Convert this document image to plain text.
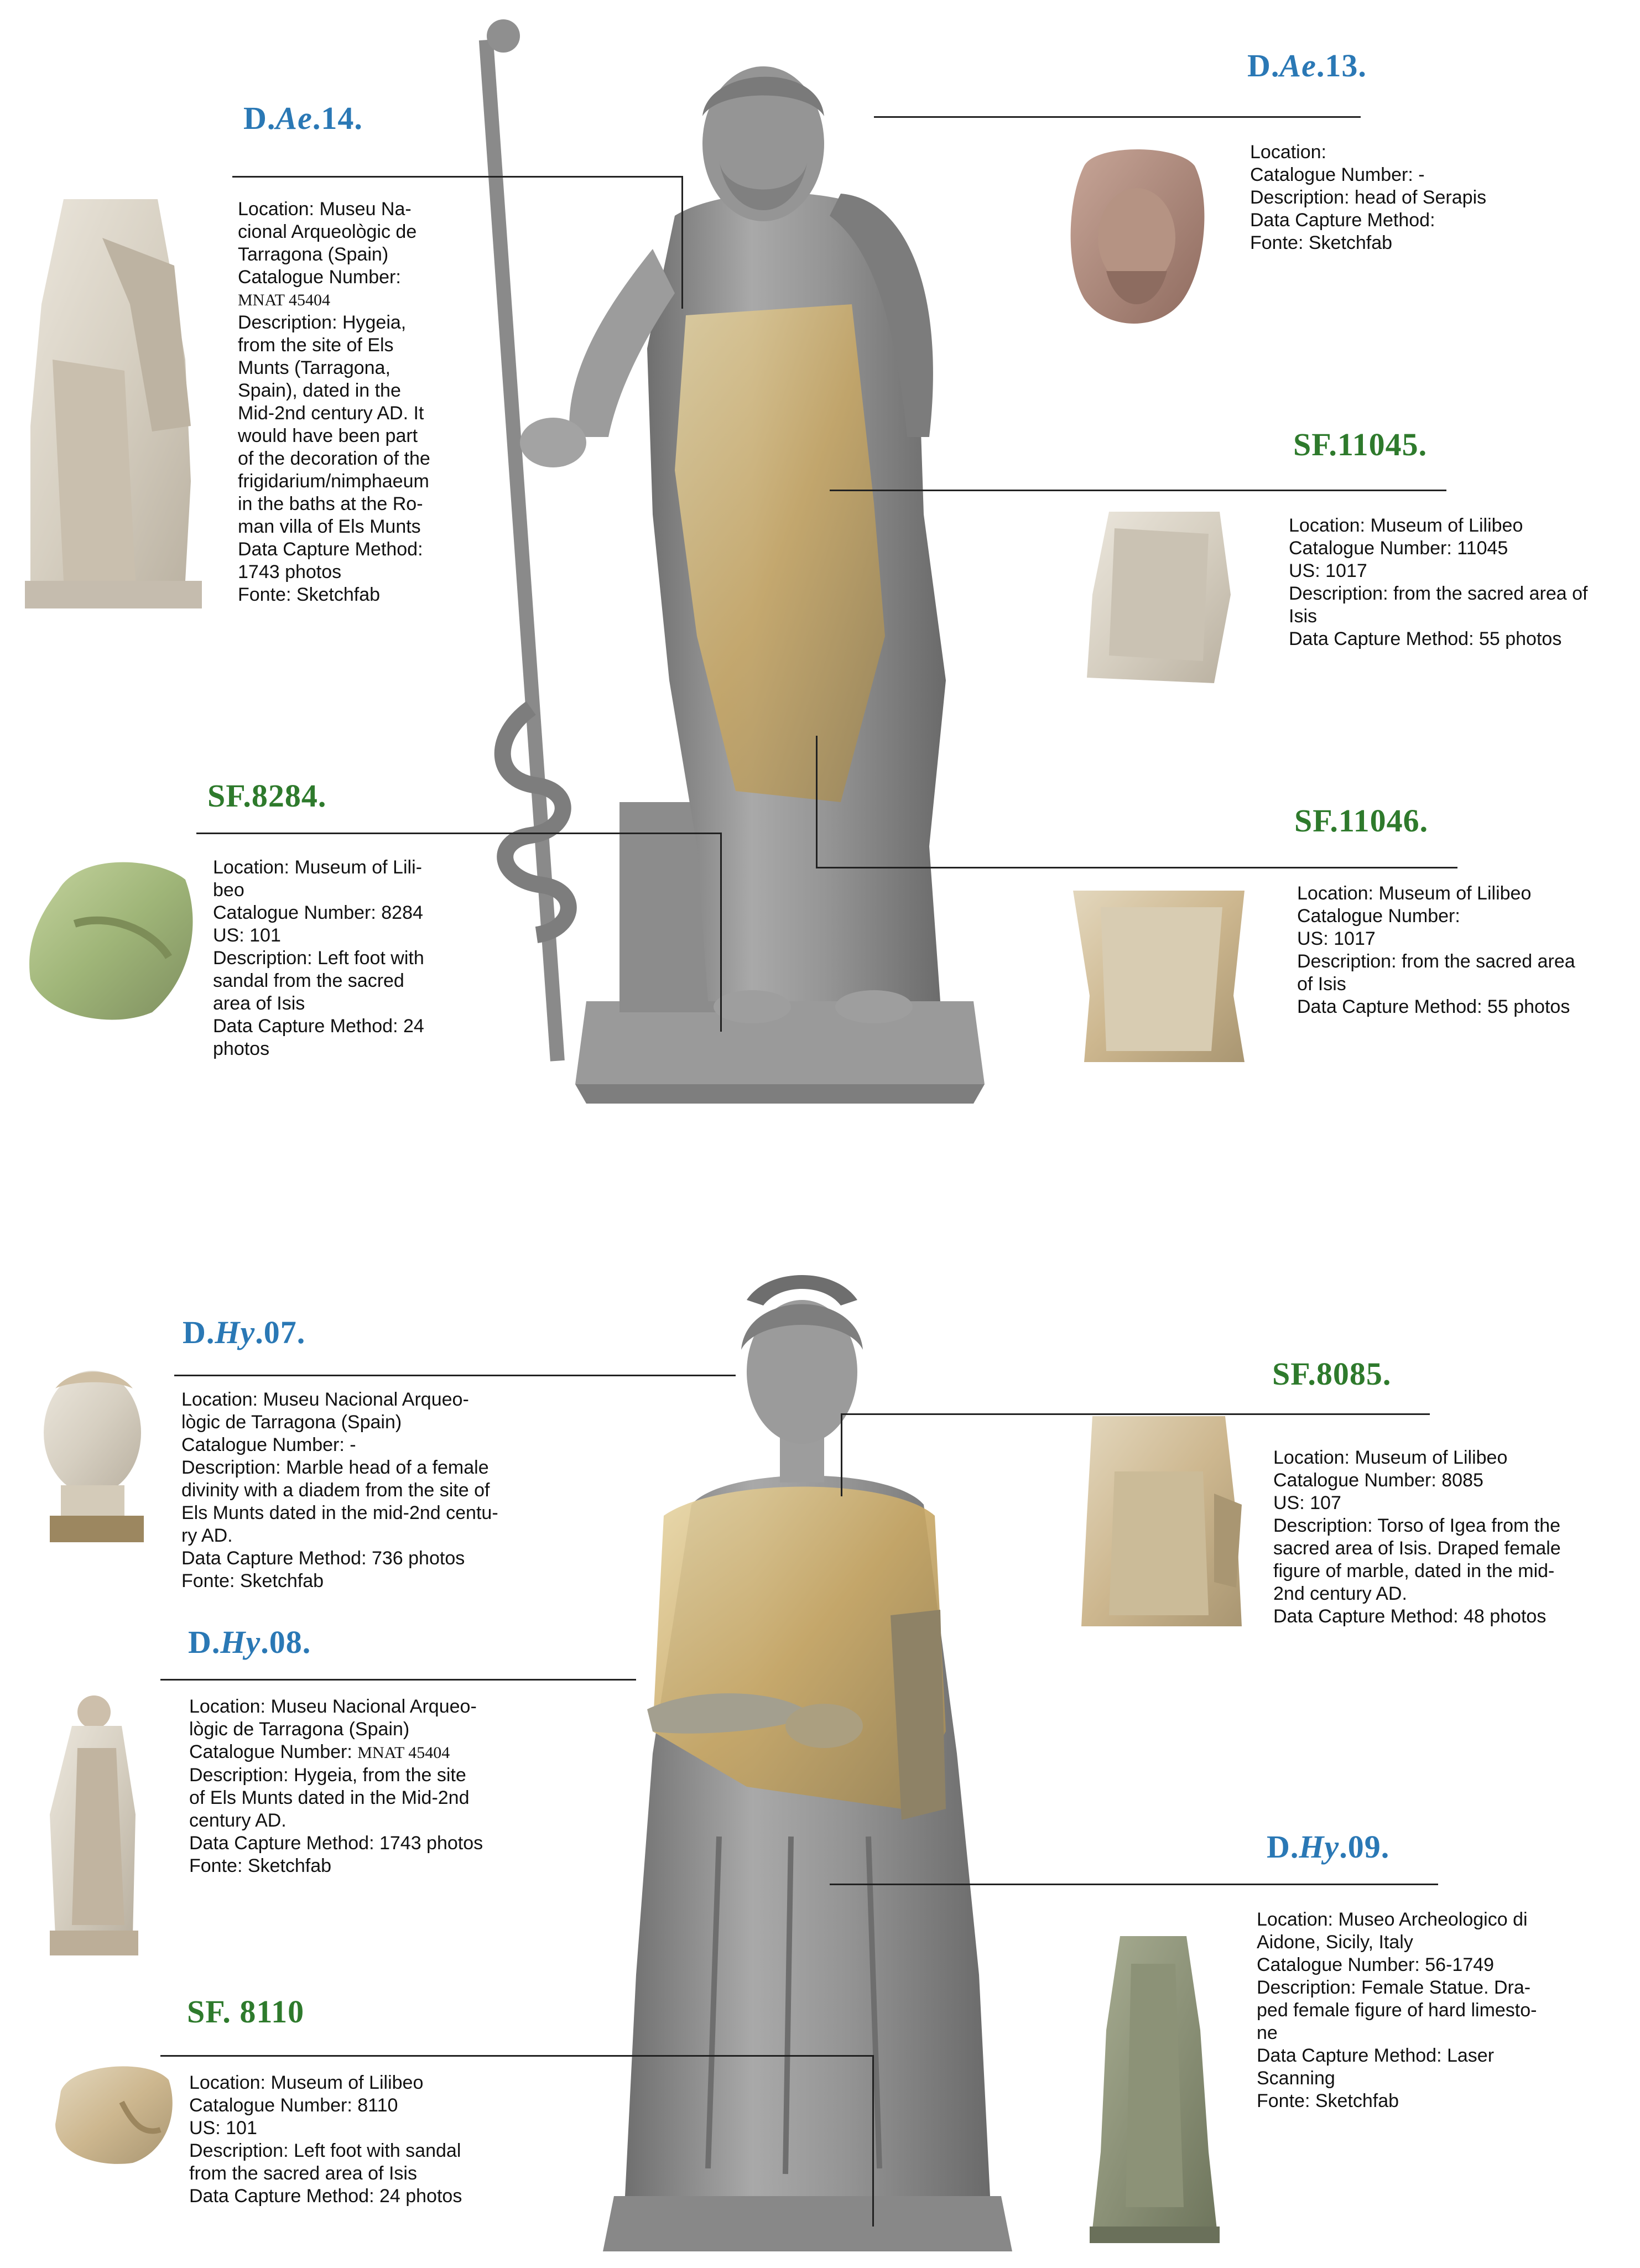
D.Ae.14.
Location: Museu Na-
cional Arqueològic de
Tarragona (Spain)
Catalogue Number:
MNAT 45404
Description: Hygeia,
from the site of Els
Munts (Tarragona,
Spain), dated in the
Mid-2nd century AD. It
would have been part
of the decoration of the
frigidarium/nimphaeum
in the baths at the Ro-
man villa of Els Munts
Data Capture Method:
1743 photos
Fonte: Sketchfab
D.Ae.13.
Location:
Catalogue Number: -
Description: head of Serapis
Data Capture Method:
Fonte: Sketchfab
SF.11045.
Location: Museum of Lilibeo
Catalogue Number: 11045
US: 1017
Description: from the sacred area of
Isis
Data Capture Method: 55 photos
SF.8284.
Location: Museum of Lili-
beo
Catalogue Number: 8284
US: 101
Description: Left foot with
sandal from the sacred
area of Isis
Data Capture Method: 24
photos
SF.11046.
Location: Museum of Lilibeo
Catalogue Number:
US: 1017
Description: from the sacred area
of Isis
Data Capture Method: 55 photos
D.Hy.07.
Location: Museu Nacional Arqueo-
lògic de Tarragona (Spain)
Catalogue Number: -
Description: Marble head of a female
divinity with a diadem from the site of
Els Munts dated in the mid-2nd centu-
ry AD.
Data Capture Method: 736 photos
Fonte: Sketchfab
SF.8085.
Location: Museum of Lilibeo
Catalogue Number: 8085
US: 107
Description: Torso of Igea from the
sacred area of Isis. Draped female
figure of marble, dated in the mid-
2nd century AD.
Data Capture Method: 48 photos
D.Hy.08.
Location: Museu Nacional Arqueo-
lògic de Tarragona (Spain)
Catalogue Number: MNAT 45404
Description: Hygeia, from the site
of Els Munts dated in the Mid-2nd
century AD.
Data Capture Method: 1743 photos
Fonte: Sketchfab
D.Hy.09.
Location: Museo Archeologico di
Aidone, Sicily, Italy
Catalogue Number: 56-1749
Description: Female Statue. Dra-
ped female figure of hard limesto-
ne
Data Capture Method: Laser
Scanning
Fonte: Sketchfab
SF. 8110
Location: Museum of Lilibeo
Catalogue Number: 8110
US: 101
Description: Left foot with sandal
from the sacred area of Isis
Data Capture Method: 24 photos
